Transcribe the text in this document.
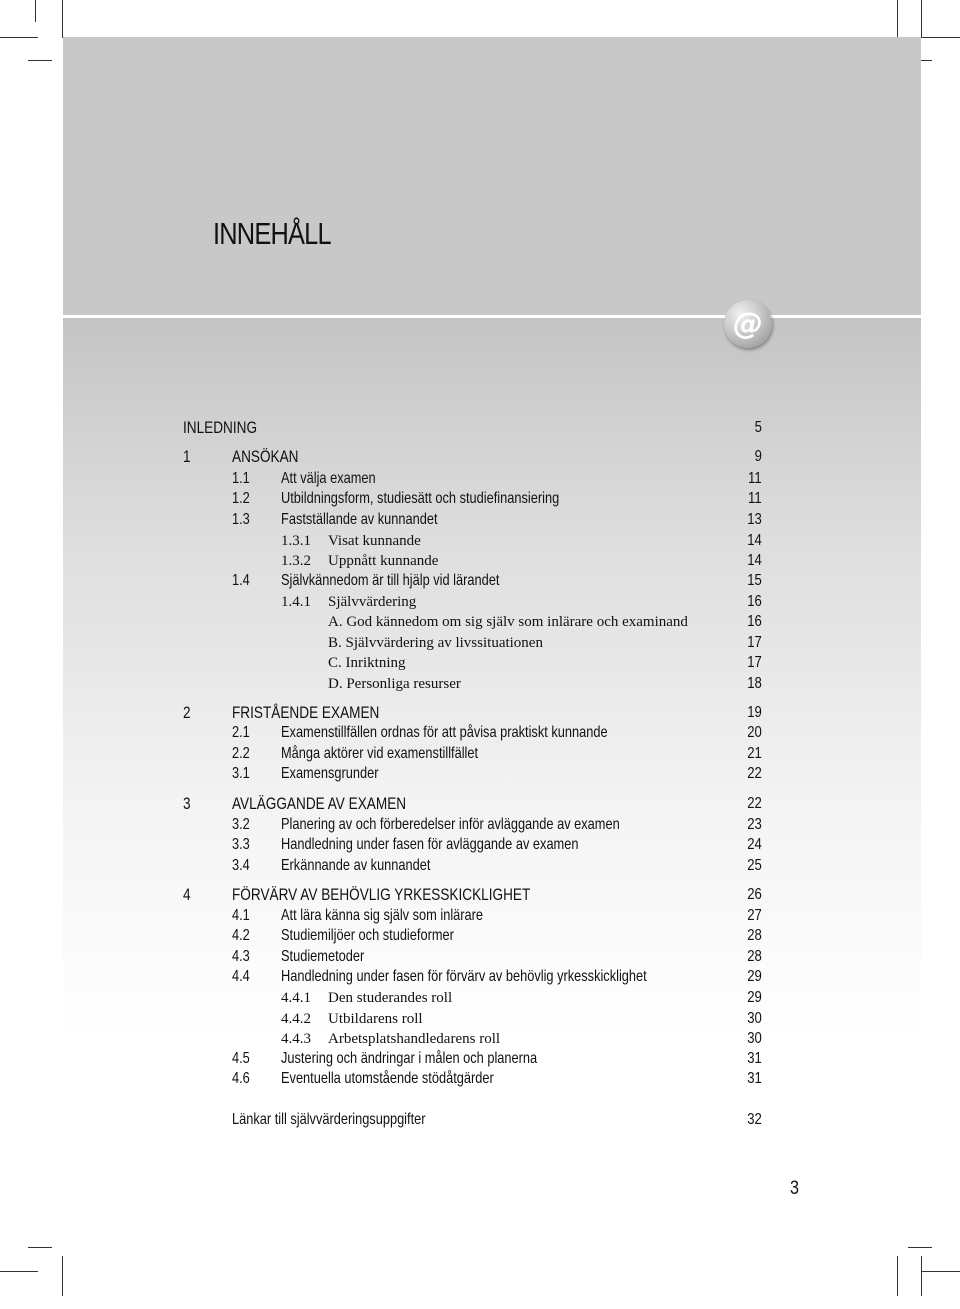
INNEHÅLL
@
INLEDNING	5
1 ANSÖKAN	9
1.1 Att välja examen	11
1.2 Utbildningsform, studiesätt och studiefinansiering	11
1.3 Fastställande av kunnandet	13
1.3.1 Visat kunnande	14
1.3.2 Uppnått kunnande	14
1.4 Självkännedom är till hjälp vid lärandet	15
1.4.1 Självvärdering	16
A. God kännedom om sig själv som inlärare och examinand	16
B. Självvärdering av livssituationen	17
C. Inriktning	17
D. Personliga resurser	18
2 FRISTÅENDE EXAMEN	19
2.1 Examenstillfällen ordnas för att påvisa praktiskt kunnande	20
2.2 Många aktörer vid examenstillfället	21
3.1 Examensgrunder	22
3 AVLÄGGANDE AV EXAMEN	22
3.2 Planering av och förberedelser inför avläggande av examen	23
3.3 Handledning under fasen för avläggande av examen	24
3.4 Erkännande av kunnandet	25
4 FÖRVÄRV AV BEHÖVLIG YRKESSKICKLIGHET	26
4.1 Att lära känna sig själv som inlärare	27
4.2 Studiemiljöer och studieformer	28
4.3 Studiemetoder	28
4.4 Handledning under fasen för förvärv av behövlig yrkesskicklighet	29
4.4.1 Den studerandes roll	29
4.4.2 Utbildarens roll	30
4.4.3 Arbetsplatshandledarens roll	30
4.5 Justering och ändringar i målen och planerna	31
4.6 Eventuella utomstående stödåtgärder	31
Länkar till självvärderingsuppgifter	32
3
